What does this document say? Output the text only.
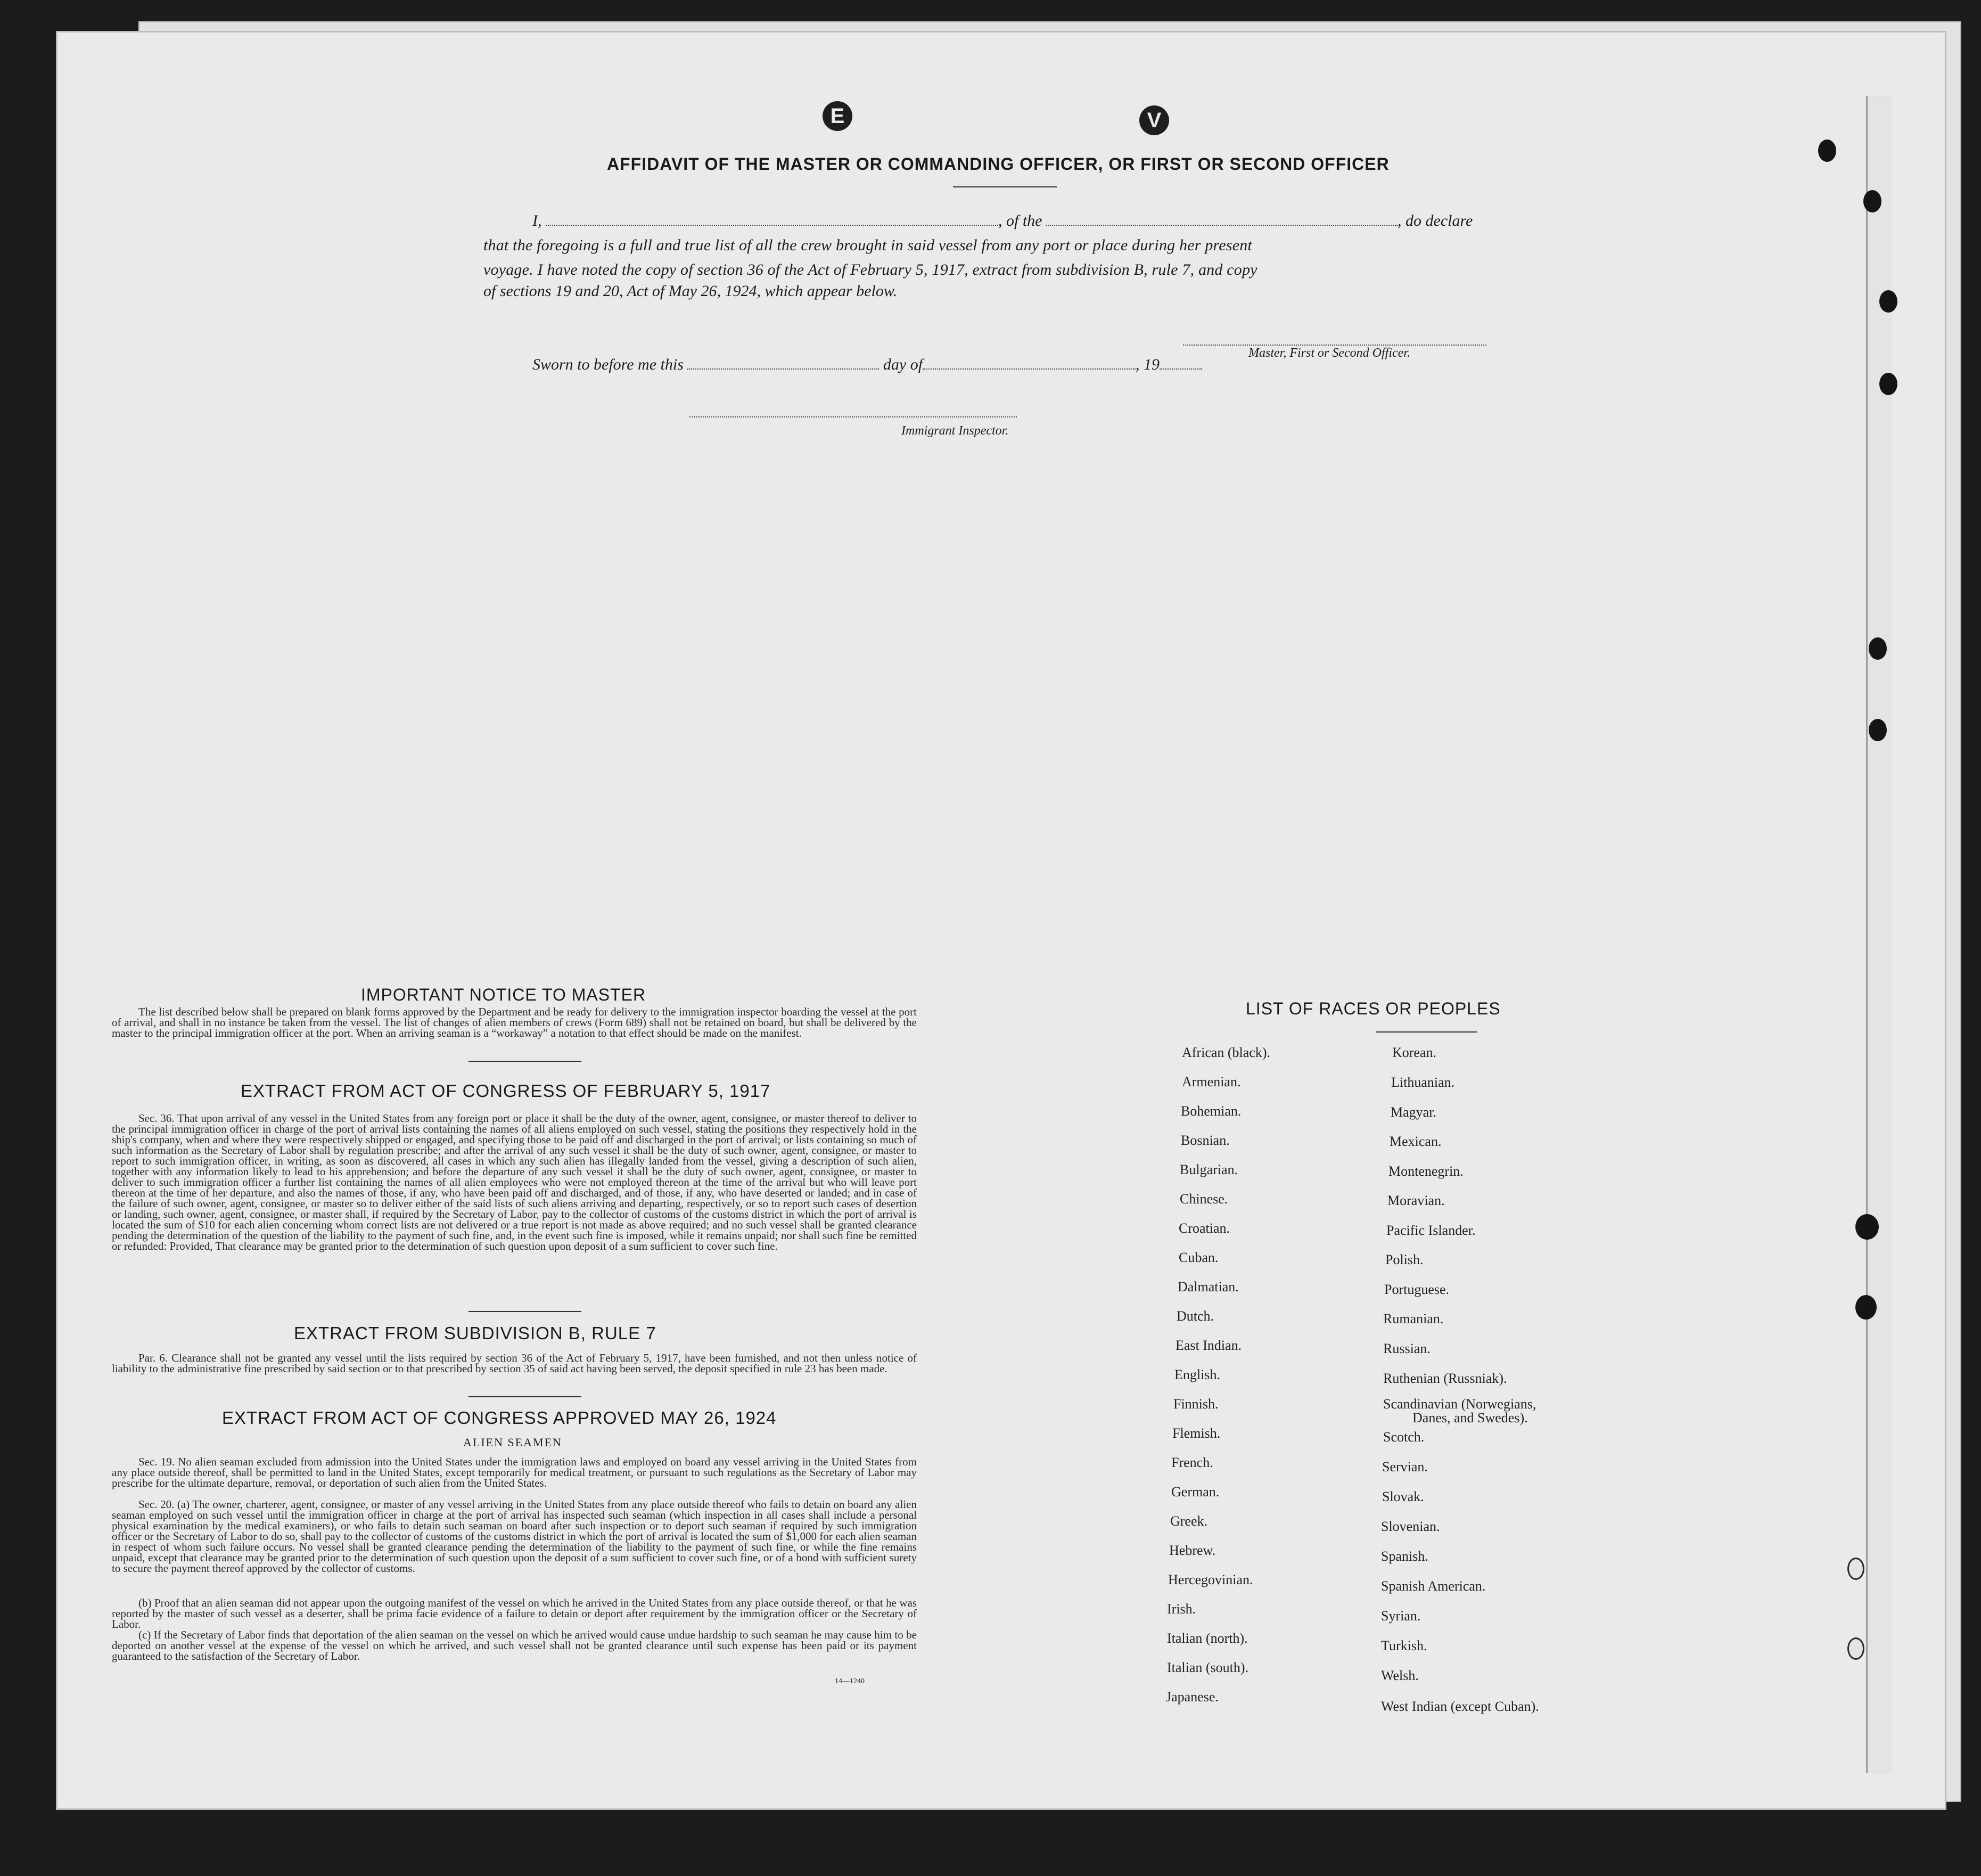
E	V
AFFIDAVIT OF THE MASTER OR COMMANDING OFFICER, OR FIRST OR SECOND OFFICER
I,	, of the	, do declare
that the foregoing is a full and true list of all the crew brought in said vessel from any port or place during her present
voyage. I have noted the copy of section 36 of the Act of February 5, 1917, extract from subdivision B, rule 7, and copy
of sections 19 and 20, Act of May 26, 1924, which appear below.
Master, First or Second Officer.
Sworn to before me this	day of	, 19
Immigrant Inspector.
IMPORTANT NOTICE TO MASTER
The list described below shall be prepared on blank forms approved by the Department and be ready for delivery to the immigration inspector boarding the vessel at the port of arrival, and shall in no instance be taken from the vessel. The list of changes of alien members of crews (Form 689) shall not be retained on board, but shall be delivered by the master to the principal immigration officer at the port. When an arriving seaman is a “workaway” a notation to that effect should be made on the manifest.
EXTRACT FROM ACT OF CONGRESS OF FEBRUARY 5, 1917
Sec. 36. That upon arrival of any vessel in the United States from any foreign port or place it shall be the duty of the owner, agent, consignee, or master thereof to deliver to the principal immigration officer in charge of the port of arrival lists containing the names of all aliens employed on such vessel, stating the positions they respectively hold in the ship's company, when and where they were respectively shipped or engaged, and specifying those to be paid off and discharged in the port of arrival; or lists containing so much of such information as the Secretary of Labor shall by regulation prescribe; and after the arrival of any such vessel it shall be the duty of such owner, agent, consignee, or master to report to such immigration officer, in writing, as soon as discovered, all cases in which any such alien has illegally landed from the vessel, giving a description of such alien, together with any information likely to lead to his apprehension; and before the departure of any such vessel it shall be the duty of such owner, agent, consignee, or master to deliver to such immigration officer a further list containing the names of all alien employees who were not employed thereon at the time of the arrival but who will leave port thereon at the time of her departure, and also the names of those, if any, who have been paid off and discharged, and of those, if any, who have deserted or landed; and in case of the failure of such owner, agent, consignee, or master so to deliver either of the said lists of such aliens arriving and departing, respectively, or so to report such cases of desertion or landing, such owner, agent, consignee, or master shall, if required by the Secretary of Labor, pay to the collector of customs of the customs district in which the port of arrival is located the sum of $10 for each alien concerning whom correct lists are not delivered or a true report is not made as above required; and no such vessel shall be granted clearance pending the determination of the question of the liability to the payment of such fine, and, in the event such fine is imposed, while it remains unpaid; nor shall such fine be remitted or refunded: Provided, That clearance may be granted prior to the determination of such question upon deposit of a sum sufficient to cover such fine.
EXTRACT FROM SUBDIVISION B, RULE 7
Par. 6. Clearance shall not be granted any vessel until the lists required by section 36 of the Act of February 5, 1917, have been furnished, and not then unless notice of liability to the administrative fine prescribed by said section or to that prescribed by section 35 of said act having been served, the deposit specified in rule 23 has been made.
EXTRACT FROM ACT OF CONGRESS APPROVED MAY 26, 1924
ALIEN SEAMEN
Sec. 19. No alien seaman excluded from admission into the United States under the immigration laws and employed on board any vessel arriving in the United States from any place outside thereof, shall be permitted to land in the United States, except temporarily for medical treatment, or pursuant to such regulations as the Secretary of Labor may prescribe for the ultimate departure, removal, or deportation of such alien from the United States.
Sec. 20. (a) The owner, charterer, agent, consignee, or master of any vessel arriving in the United States from any place outside thereof who fails to detain on board any alien seaman employed on such vessel until the immigration officer in charge at the port of arrival has inspected such seaman (which inspection in all cases shall include a personal physical examination by the medical examiners), or who fails to detain such seaman on board after such inspection or to deport such seaman if required by such immigration officer or the Secretary of Labor to do so, shall pay to the collector of customs of the customs district in which the port of arrival is located the sum of $1,000 for each alien seaman in respect of whom such failure occurs. No vessel shall be granted clearance pending the determination of the liability to the payment of such fine, or while the fine remains unpaid, except that clearance may be granted prior to the determination of such question upon the deposit of a sum sufficient to cover such fine, or of a bond with sufficient surety to secure the payment thereof approved by the collector of customs.
(b) Proof that an alien seaman did not appear upon the outgoing manifest of the vessel on which he arrived in the United States from any place outside thereof, or that he was reported by the master of such vessel as a deserter, shall be prima facie evidence of a failure to detain or deport after requirement by the immigration officer or the Secretary of Labor.
(c) If the Secretary of Labor finds that deportation of the alien seaman on the vessel on which he arrived would cause undue hardship to such seaman he may cause him to be deported on another vessel at the expense of the vessel on which he arrived, and such vessel shall not be granted clearance until such expense has been paid or its payment guaranteed to the satisfaction of the Secretary of Labor.
14—1240
LIST OF RACES OR PEOPLES
African (black).
Armenian.
Bohemian.
Bosnian.
Bulgarian.
Chinese.
Croatian.
Cuban.
Dalmatian.
Dutch.
East Indian.
English.
Finnish.
Flemish.
French.
German.
Greek.
Hebrew.
Hercegovinian.
Irish.
Italian (north).
Italian (south).
Japanese.
Korean.
Lithuanian.
Magyar.
Mexican.
Montenegrin.
Moravian.
Pacific Islander.
Polish.
Portuguese.
Rumanian.
Russian.
Ruthenian (Russniak).
Scandinavian (Norwegians,
Danes, and Swedes).
Scotch.
Servian.
Slovak.
Slovenian.
Spanish.
Spanish American.
Syrian.
Turkish.
Welsh.
West Indian (except Cuban).
